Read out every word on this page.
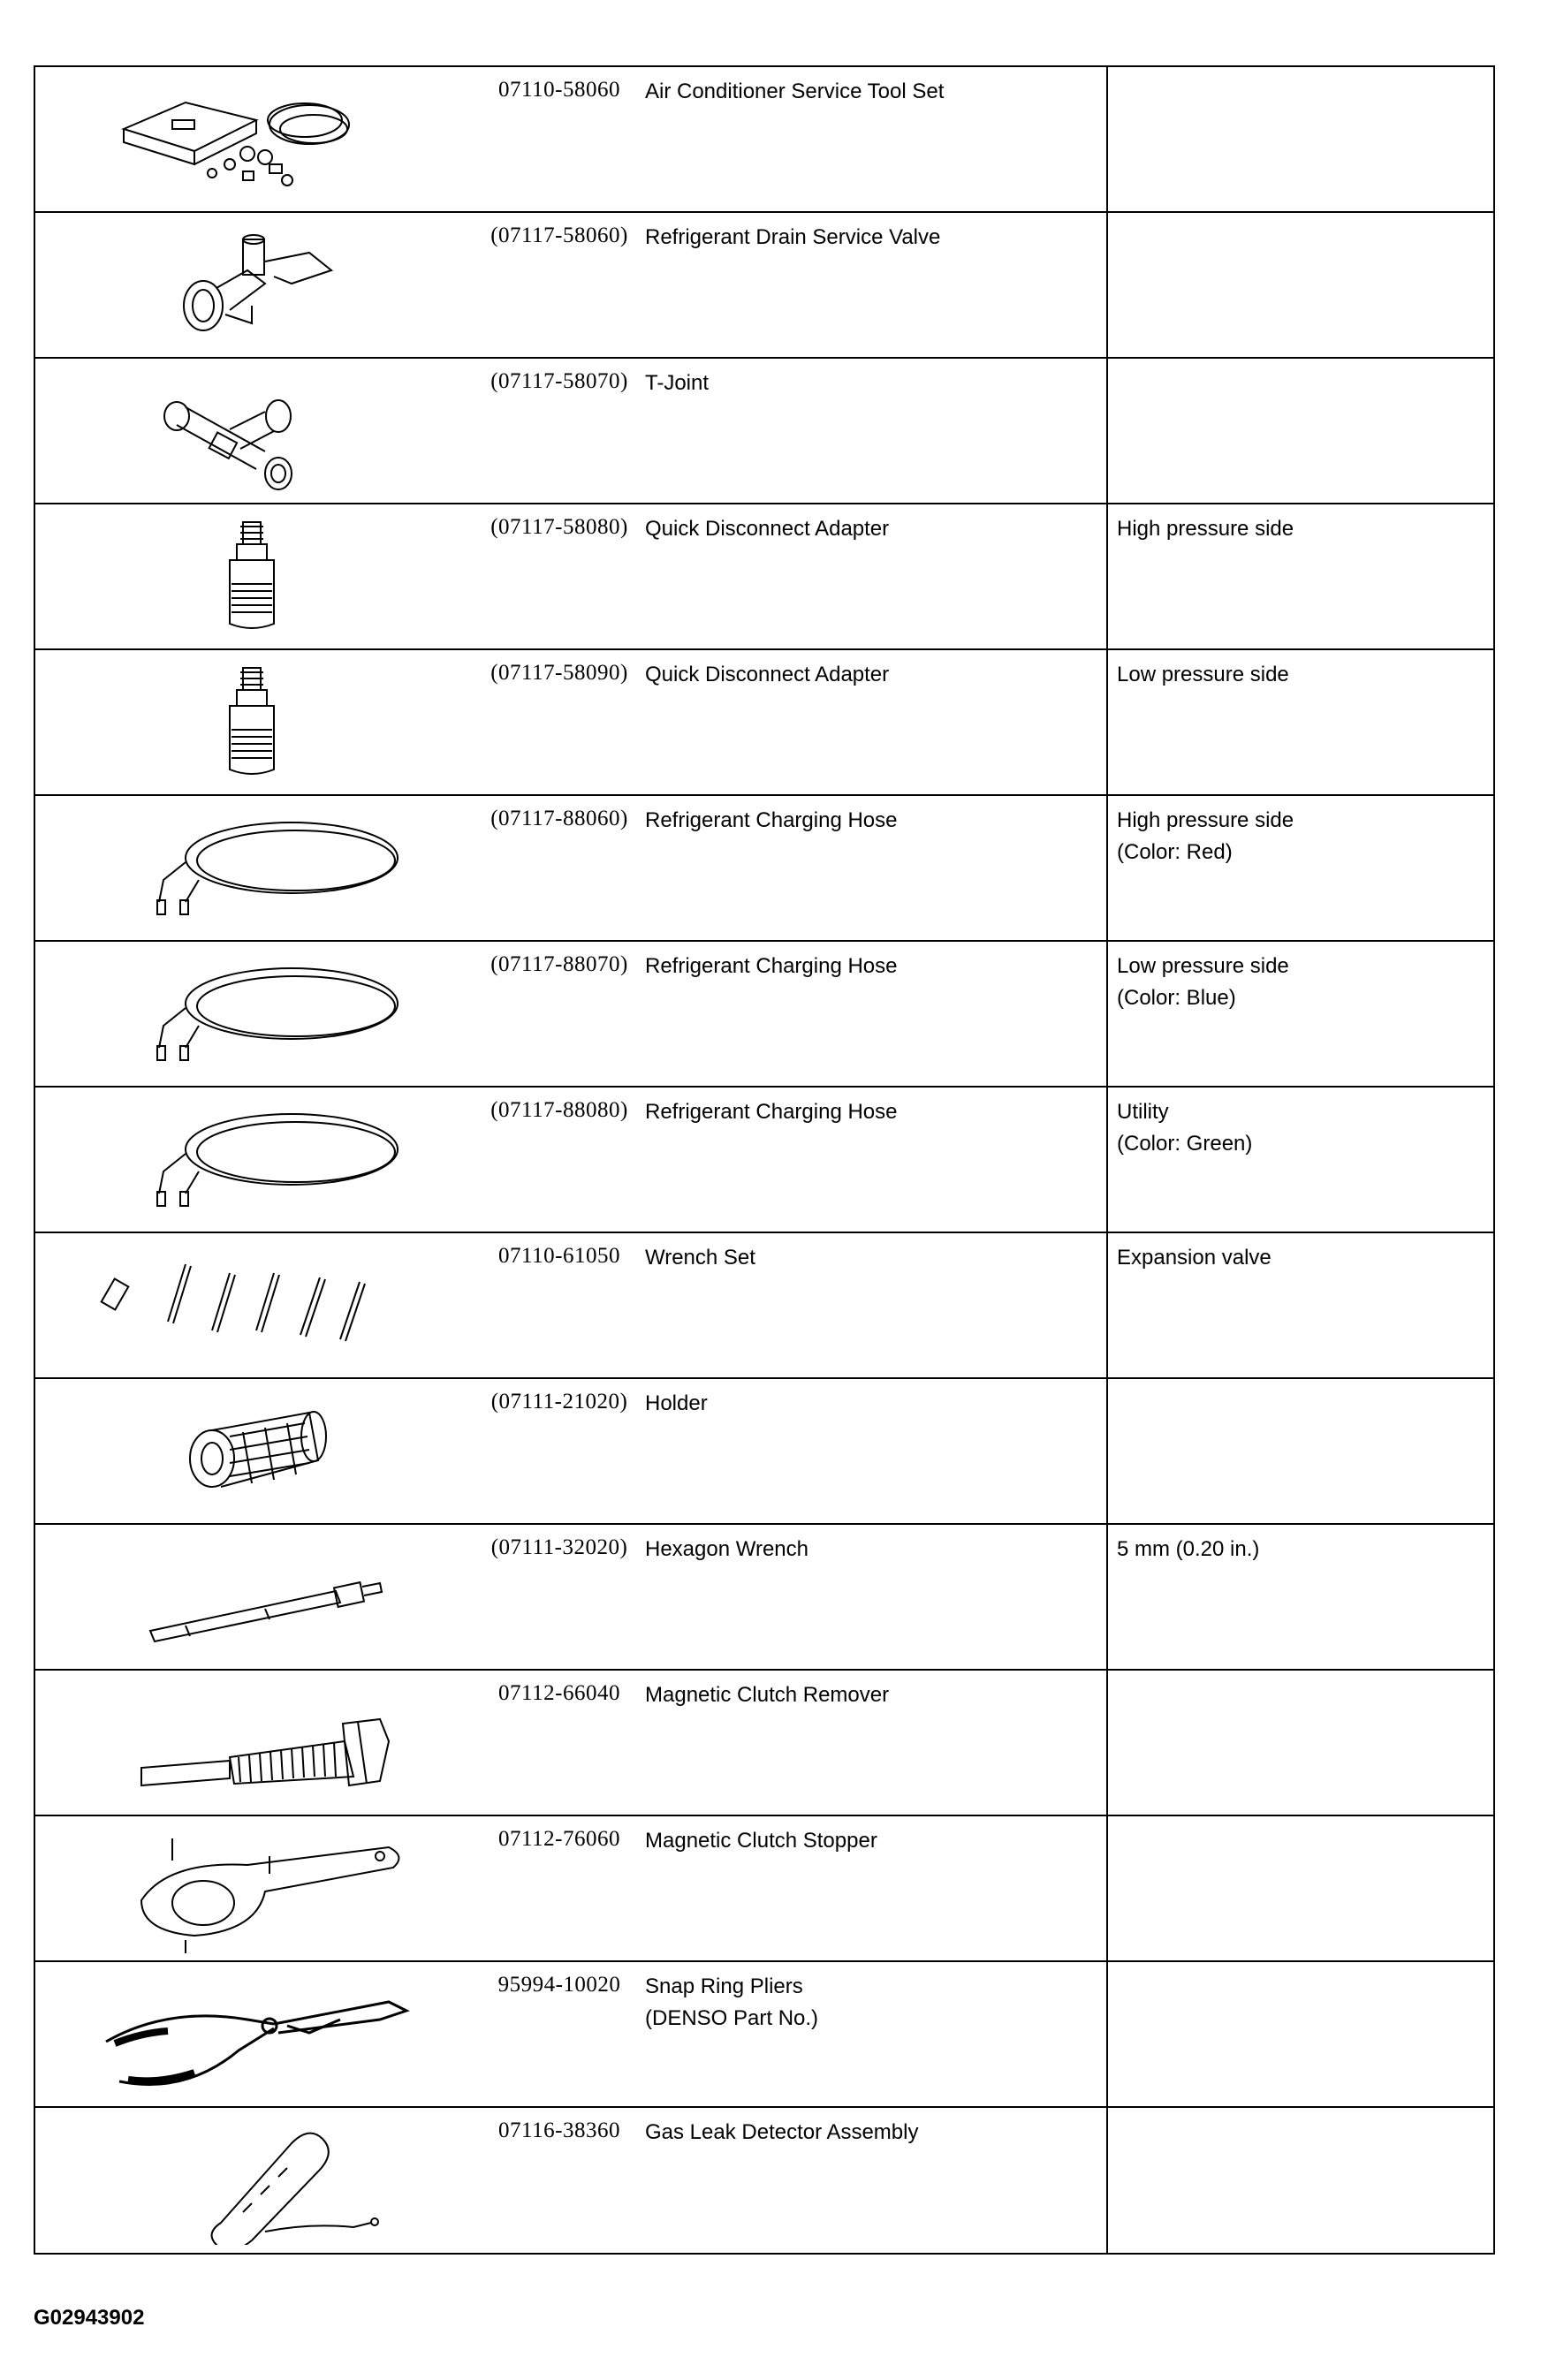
07110-58060	Air Conditioner Service Tool Set
(07117-58060) Refrigerant Drain Service Valve
(07117-58070) T-Joint
(07117-58080) Quick Disconnect Adapter	High pressure side
(07117-58090) Quick Disconnect Adapter	Low pressure side
(07117-88060) Refrigerant Charging Hose	High pressure side
(Color: Red)
(07117-88070) Refrigerant Charging Hose	Low pressure side
(Color: Blue)
(07117-88080) Refrigerant Charging Hose	Utility
(Color: Green)
07110-61050	Wrench Set	Expansion valve
(07111-21020) Holder
(07111-32020) Hexagon Wrench	5 mm (0.20 in.)
07112-66040	Magnetic Clutch Remover
07112-76060	Magnetic Clutch Stopper
95994-10020	Snap Ring Pliers
(DENSO Part No.)
07116-38360	Gas Leak Detector Assembly
G02943902
